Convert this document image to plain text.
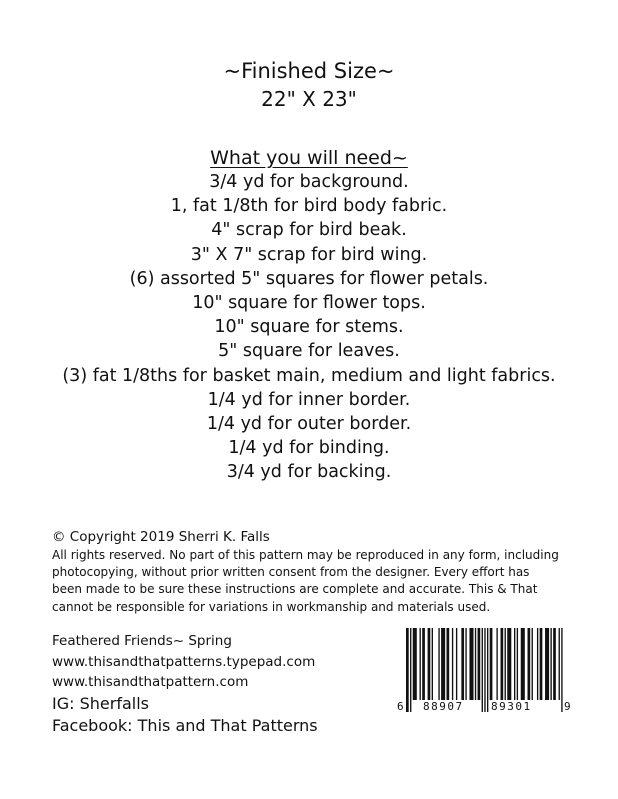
~Finished Size~
22" X 23"
What you will need~
3/4 yd for background.
1, fat 1/8th for bird body fabric.
4" scrap for bird beak.
3" X 7" scrap for bird wing.
(6) assorted 5" squares for flower petals.
10" square for flower tops.
10" square for stems.
5" square for leaves.
(3) fat 1/8ths for basket main, medium and light fabrics.
1/4 yd for inner border.
1/4 yd for outer border.
1/4 yd for binding.
3/4 yd for backing.
© Copyright 2019 Sherri K. Falls
All rights reserved. No part of this pattern may be reproduced in any form, including
photocopying, without prior written consent from the designer. Every effort has
been made to be sure these instructions are complete and accurate. This & That
cannot be responsible for variations in workmanship and materials used.
Feathered Friends~ Spring
www.thisandthatpatterns.typepad.com
www.thisandthatpattern.com
IG: Sherfalls
Facebook: This and That Patterns
6 88907 89301	9
